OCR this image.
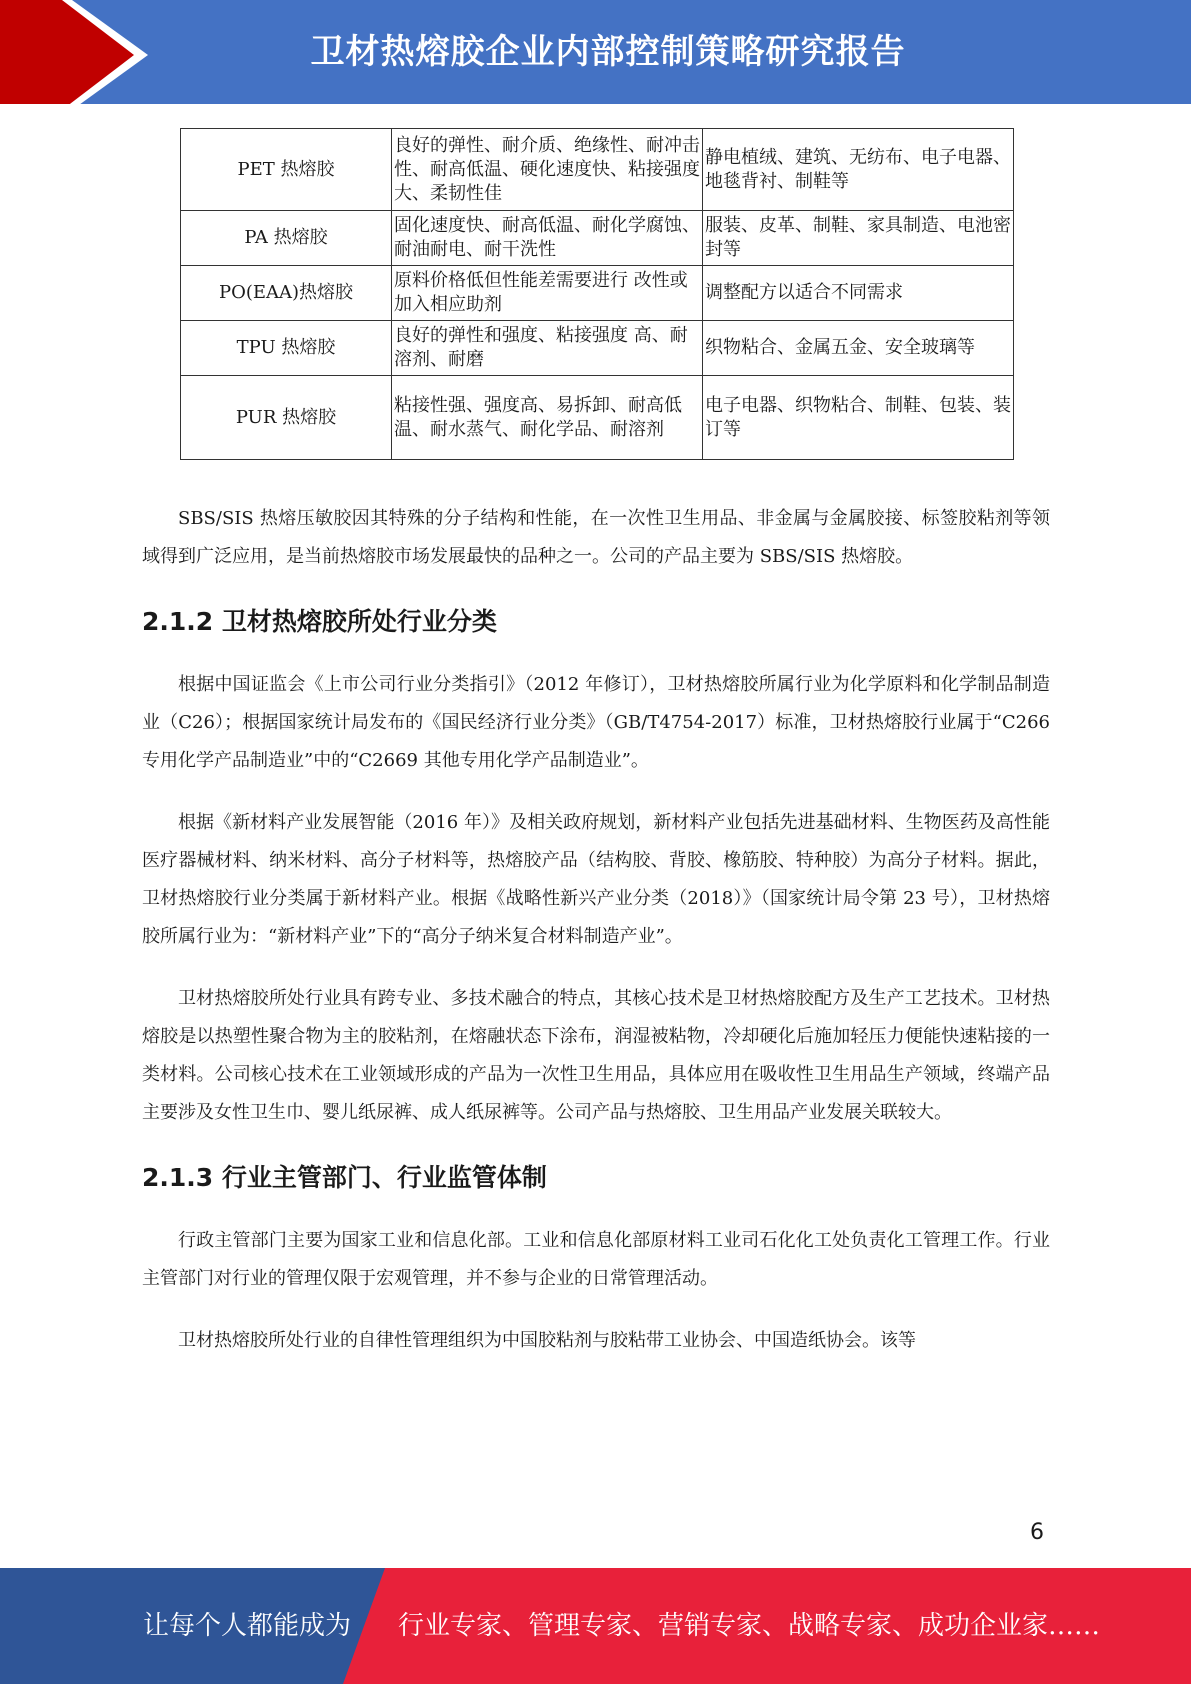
卫材热熔胶企业内部控制策略研究报告
PET 热熔胶	良好的弹性、耐介质、绝缘性、耐冲击性、耐高低温、硬化速度快、粘接强度大、柔韧性佳	静电植绒、建筑、无纺布、电子电器、地毯背衬、制鞋等
PA 热熔胶	固化速度快、耐高低温、耐化学腐蚀、耐油耐电、耐干洗性	服装、皮革、制鞋、家具制造、电池密封等
PO(EAA)热熔胶	原料价格低但性能差需要进行 改性或加入相应助剂	调整配方以适合不同需求
TPU 热熔胶	良好的弹性和强度、粘接强度 高、耐溶剂、耐磨	织物粘合、金属五金、安全玻璃等
PUR 热熔胶	粘接性强、强度高、易拆卸、耐高低温、耐水蒸气、耐化学品、耐溶剂	电子电器、织物粘合、制鞋、包装、装订等

SBS/SIS 热熔压敏胶因其特殊的分子结构和性能，在一次性卫生用品、非金属与金属胶接、标签胶粘剂等领域得到广泛应用，是当前热熔胶市场发展最快的品种之一。公司的产品主要为 SBS/SIS 热熔胶。

2.1.2 卫材热熔胶所处行业分类

根据中国证监会《上市公司行业分类指引》（2012 年修订），卫材热熔胶所属行业为化学原料和化学制品制造业（C26）；根据国家统计局发布的《国民经济行业分类》（GB/T4754-2017）标准，卫材热熔胶行业属于“C266 专用化学产品制造业”中的“C2669 其他专用化学产品制造业”。

根据《新材料产业发展智能（2016 年）》及相关政府规划，新材料产业包括先进基础材料、生物医药及高性能医疗器械材料、纳米材料、高分子材料等，热熔胶产品（结构胶、背胶、橡筋胶、特种胶）为高分子材料。据此，卫材热熔胶行业分类属于新材料产业。根据《战略性新兴产业分类（2018）》（国家统计局令第 23 号），卫材热熔胶所属行业为：“新材料产业”下的“高分子纳米复合材料制造产业”。

卫材热熔胶所处行业具有跨专业、多技术融合的特点，其核心技术是卫材热熔胶配方及生产工艺技术。卫材热熔胶是以热塑性聚合物为主的胶粘剂，在熔融状态下涂布，润湿被粘物，冷却硬化后施加轻压力便能快速粘接的一类材料。公司核心技术在工业领域形成的产品为一次性卫生用品，具体应用在吸收性卫生用品生产领域，终端产品主要涉及女性卫生巾、婴儿纸尿裤、成人纸尿裤等。公司产品与热熔胶、卫生用品产业发展关联较大。

2.1.3 行业主管部门、行业监管体制

行政主管部门主要为国家工业和信息化部。工业和信息化部原材料工业司石化化工处负责化工管理工作。行业主管部门对行业的管理仅限于宏观管理，并不参与企业的日常管理活动。

卫材热熔胶所处行业的自律性管理组织为中国胶粘剂与胶粘带工业协会、中国造纸协会。该等

6
让每个人都能成为 行业专家、管理专家、营销专家、战略专家、成功企业家……
